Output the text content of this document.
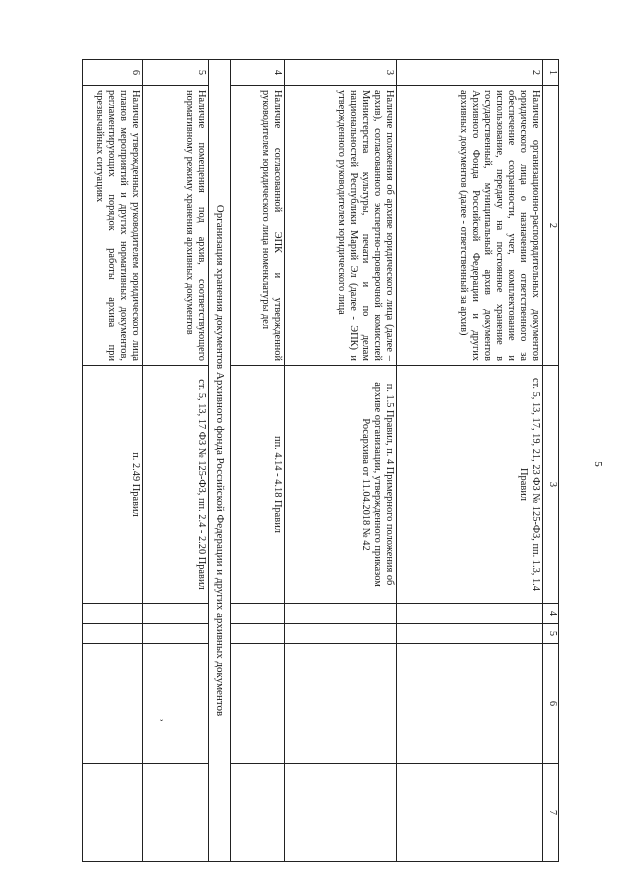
5
1	2	3	4	5	6	7
2	Наличие организационно-распорядительных документов юридического лица о назначении ответственного за обеспечение сохранности, учет, комплектование и использование, передачу на постоянное хранение в государственный, муниципальный архив документов Архивного Фонда Российской Федерации и других архивных документов (далее - ответственный за архив)	ст. 5, 13, 17, 19, 21, 23 ФЗ № 125-ФЗ, пп. 1.3, 1.4 Правил				
3	Наличие положения об архиве юридического лица (далее – архив), согласованного экспертно-проверочной комиссией Министерства культуры, печати и по делам национальностей Республики Марий Эл (далее - ЭПК) и утвержденного руководителем юридического лица	п. 1.5 Правил, п. 4 Примерного положения об архиве организации, утвержденного приказом Росархива от 11.04.2018 № 42				
4	Наличие согласованной ЭПК и утвержденной руководителем юридического лица номенклатуры дел	пп. 4.14 - 4.18 Правил				
Организация хранения документов Архивного фонда Российской Федерации и других архивных документов						
5	Наличие помещения под архив, соответствующего нормативному режиму хранения архивных документов	ст. 5, 13, 17 ФЗ № 125-ФЗ, пп. 2.4 - 2.20 Правил				
6	Наличие утвержденных руководителем юридического лица планов мероприятий и других нормативных документов, регламентирующих порядок работы архива при чрезвычайных ситуациях	п. 2.49 Правил				
ˇ
